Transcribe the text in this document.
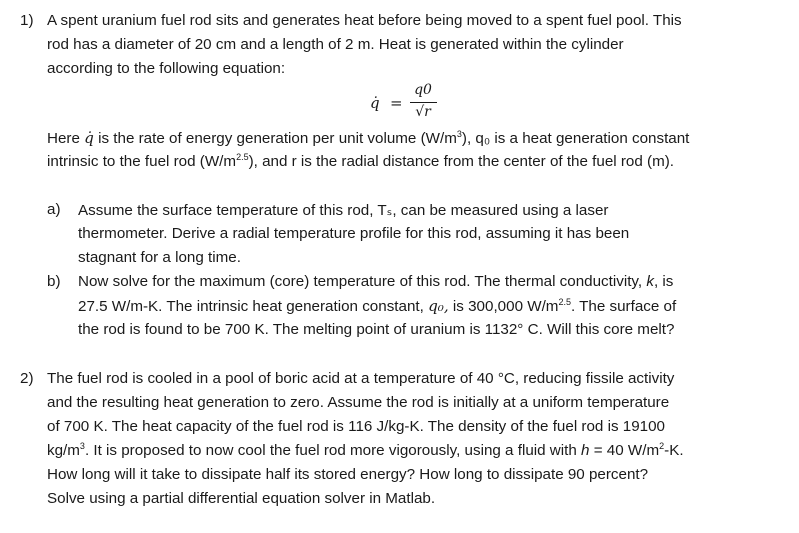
1) A spent uranium fuel rod sits and generates heat before being moved to a spent fuel pool. This
rod has a diameter of 20 cm and a length of 2 m. Heat is generated within the cylinder
according to the following equation:
q̇ =
q0
√r
Here q̇ is the rate of energy generation per unit volume $(W/m^3)$, q₀ is a heat generation constant
intrinsic to the fuel rod $(W/m^{2.5})$, and r is the radial distance from the center of the fuel rod (m).
a) Assume the surface temperature of this rod, Tₛ, can be measured using a laser
thermometer. Derive a radial temperature profile for this rod, assuming it has been
stagnant for a long time.
b) Now solve for the maximum (core) temperature of this rod. The thermal conductivity, k, is
27.5 W/m-K. The intrinsic heat generation constant, q₀, is 300,000 $W/m^{2.5}$. The surface of
the rod is found to be 700 K. The melting point of uranium is 1132° C. Will this core melt?
2) The fuel rod is cooled in a pool of boric acid at a temperature of 40 °C, reducing fissile activity
and the resulting heat generation to zero. Assume the rod is initially at a uniform temperature
of 700 K. The heat capacity of the fuel rod is 116 J/kg-K. The density of the fuel rod is 19100
$kg/m^3$. It is proposed to now cool the fuel rod more vigorously, using a fluid with h = 40 $W/m^2-K$.
How long will it take to dissipate half its stored energy? How long to dissipate 90 percent?
Solve using a partial differential equation solver in Matlab.
